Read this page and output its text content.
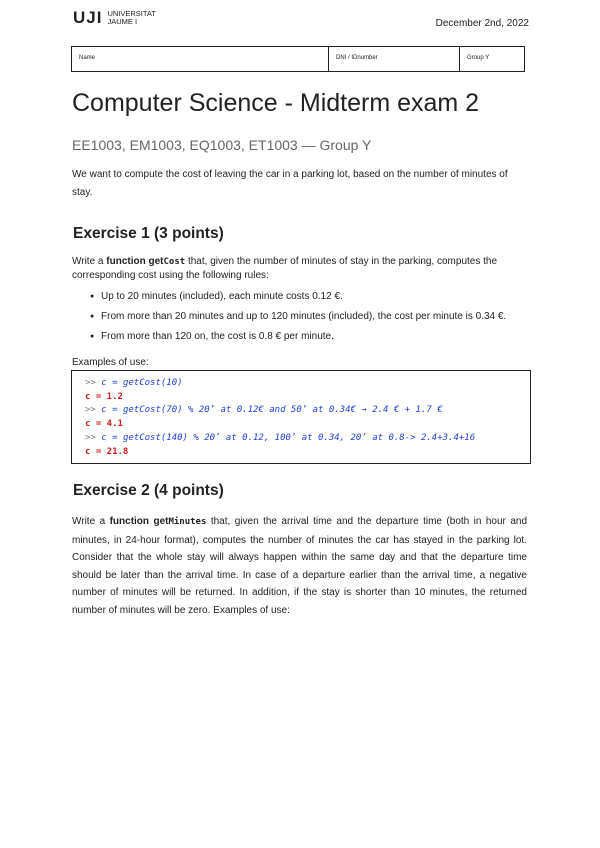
UJI UNIVERSITAT
JAUME I	December 2nd, 2022
Name	DNI / IDnumber	Group Y
Computer Science - Midterm exam 2
EE1003, EM1003, EQ1003, ET1003 — Group Y
We want to compute the cost of leaving the car in a parking lot, based on the number of minutes of stay.
Exercise 1 (3 points)
Write a function getCost that, given the number of minutes of stay in the parking, computes the corresponding cost using the following rules:
● Up to 20 minutes (included), each minute costs 0.12 €.
● From more than 20 minutes and up to 120 minutes (included), the cost per minute is 0.34 €.
● From more than 120 on, the cost is 0.8 € per minute.
Examples of use:
>> c = getCost(10)
c = 1.2
>> c = getCost(70) % 20’ at 0.12€ and 50’ at 0.34€ → 2.4 € + 1.7 €
c = 4.1
>> c = getCost(140) % 20’ at 0.12, 100’ at 0.34, 20’ at 0.8-> 2.4+3.4+16
c = 21.8
Exercise 2 (4 points)
Write a function getMinutes that, given the arrival time and the departure time (both in hour and minutes, in 24-hour format), computes the number of minutes the car has stayed in the parking lot. Consider that the whole stay will always happen within the same day and that the departure time should be later than the arrival time. In case of a departure earlier than the arrival time, a negative number of minutes will be returned. In addition, if the stay is shorter than 10 minutes, the returned number of minutes will be zero. Examples of use:
